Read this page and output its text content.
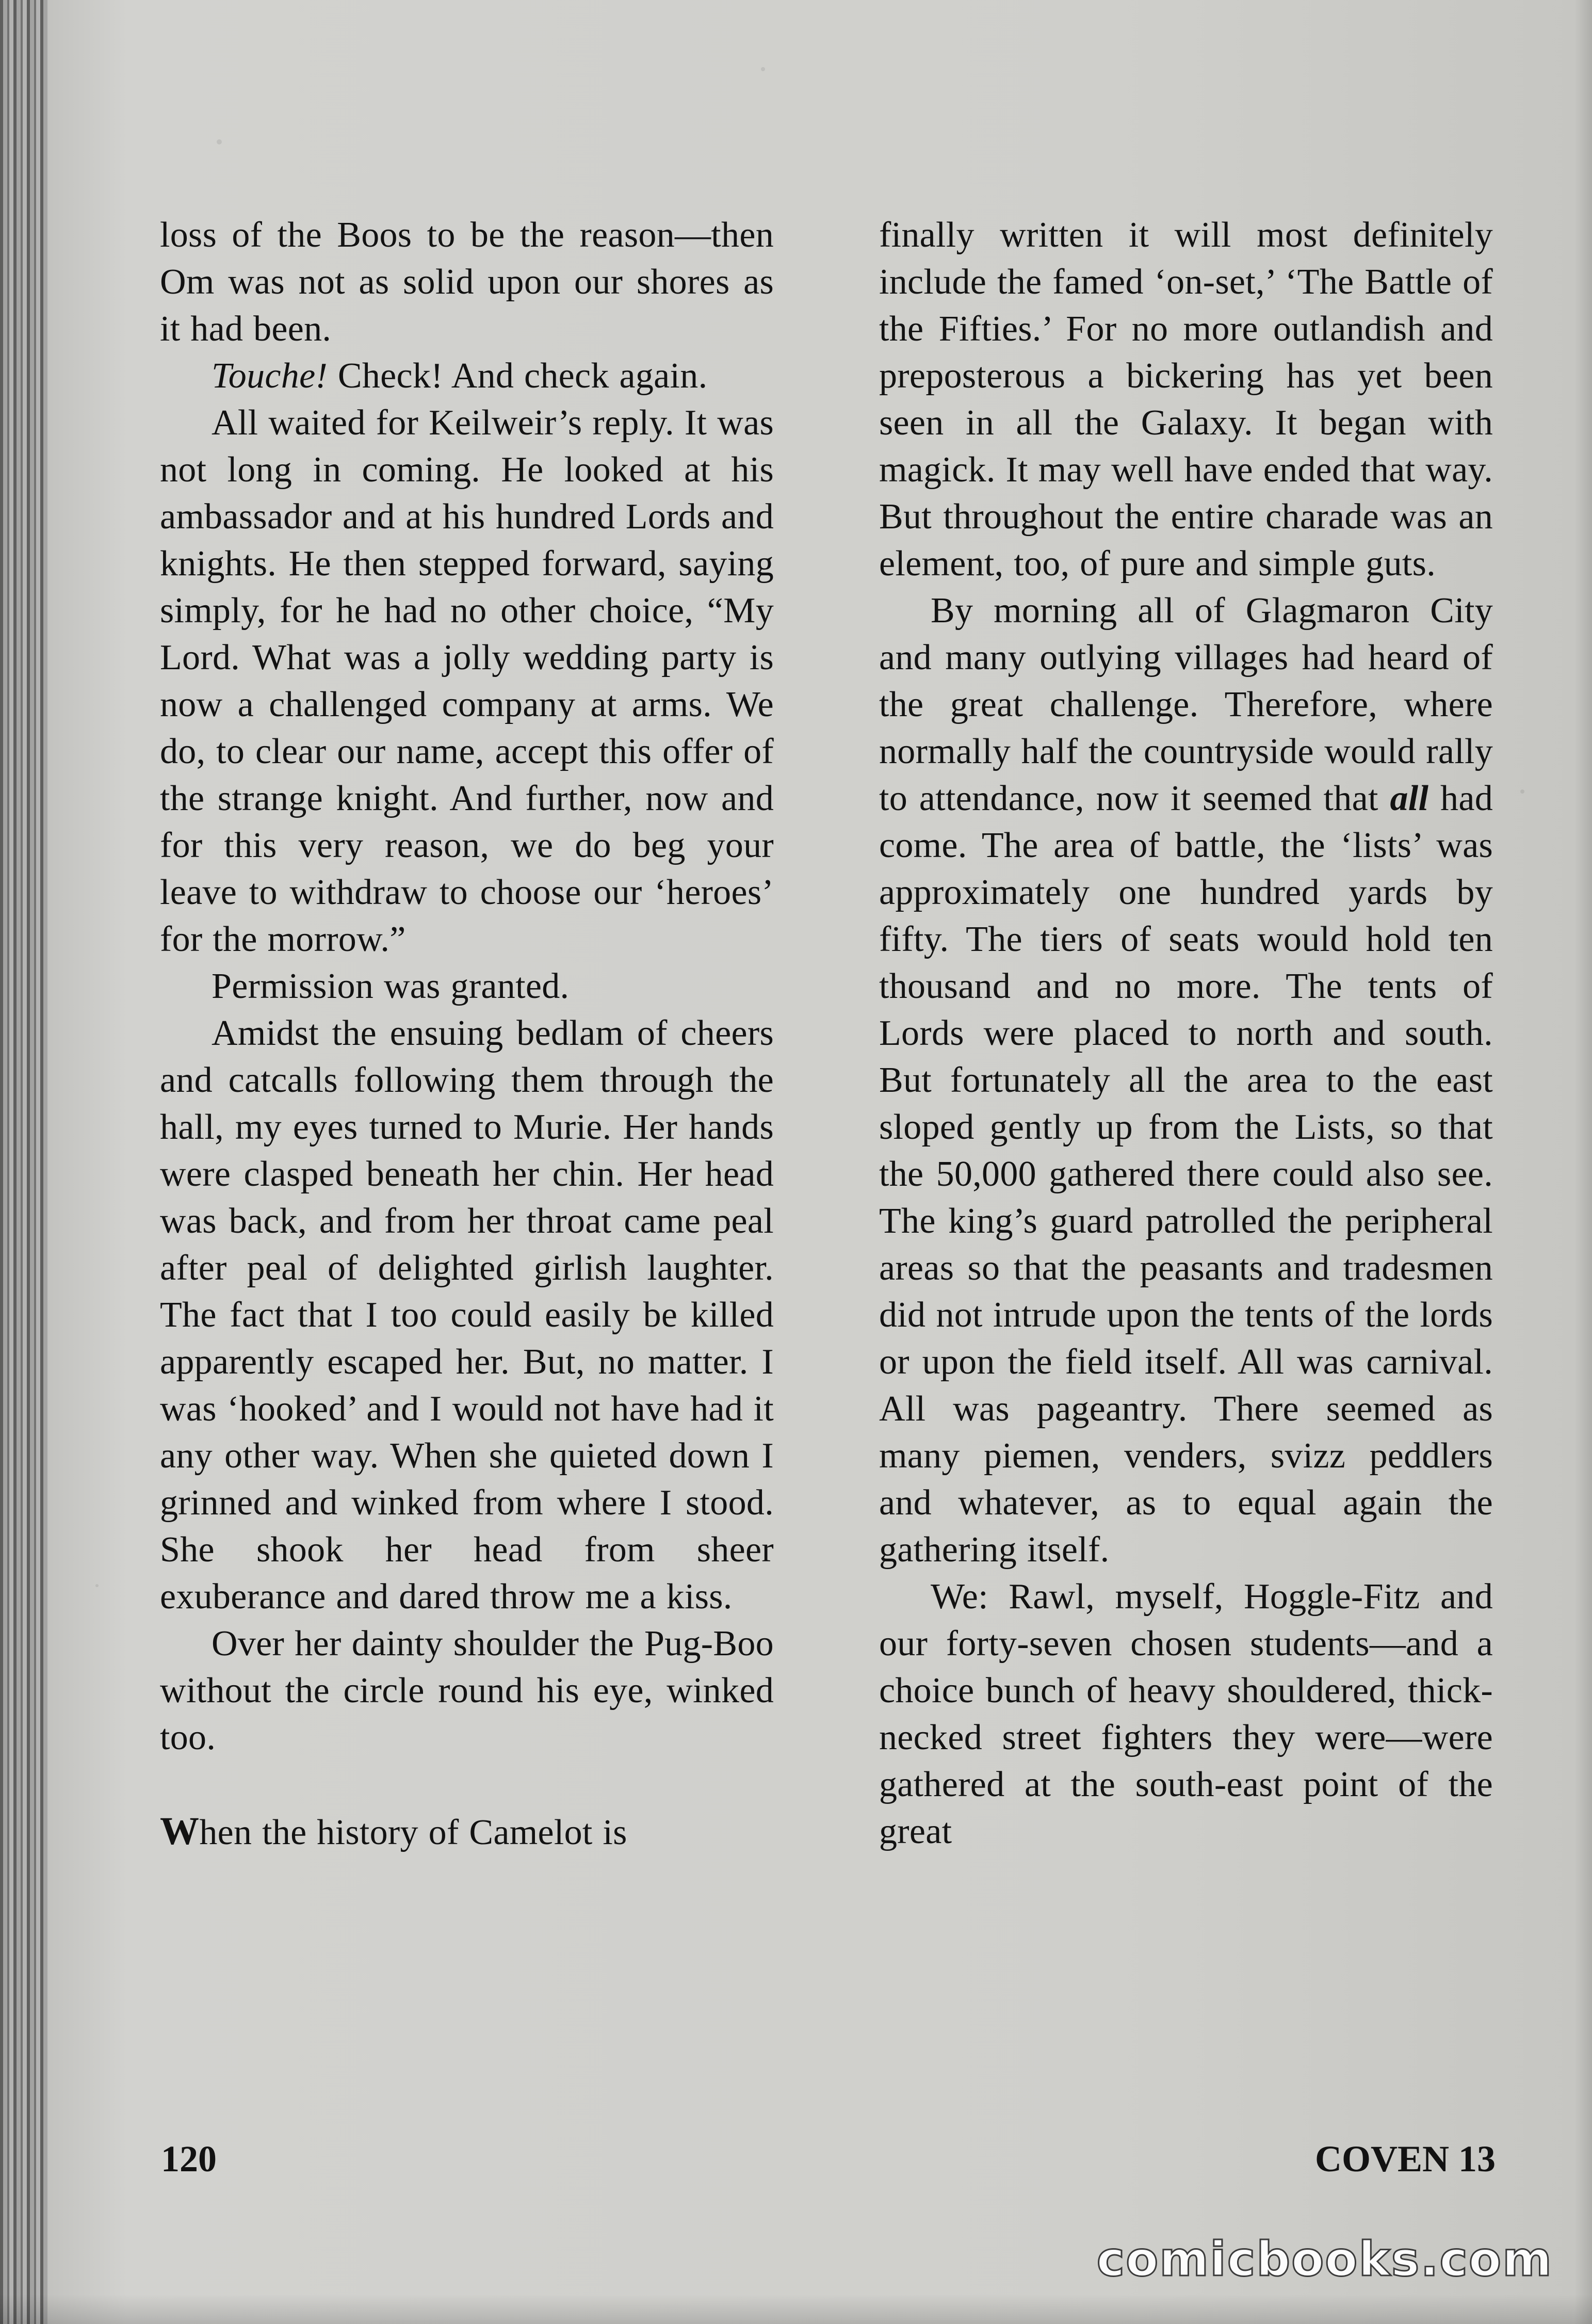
loss of the Boos to be the reason—then Om was not as solid upon our shores as it had been.

Touche! Check! And check again.

All waited for Keilweir’s reply. It was not long in coming. He looked at his ambassador and at his hundred Lords and knights. He then stepped forward, saying simply, for he had no other choice, “My Lord. What was a jolly wedding party is now a challenged company at arms. We do, to clear our name, accept this offer of the strange knight. And further, now and for this very reason, we do beg your leave to withdraw to choose our ‘heroes’ for the morrow.”

Permission was granted.

Amidst the ensuing bedlam of cheers and catcalls following them through the hall, my eyes turned to Murie. Her hands were clasped beneath her chin. Her head was back, and from her throat came peal after peal of delighted girlish laughter. The fact that I too could easily be killed apparently escaped her. But, no matter. I was ‘hooked’ and I would not have had it any other way. When she quieted down I grinned and winked from where I stood. She shook her head from sheer exuberance and dared throw me a kiss.

Over her dainty shoulder the Pug-Boo without the circle round his eye, winked too.

When the history of Camelot is

finally written it will most definitely include the famed ‘on-set,’ ‘The Battle of the Fifties.’ For no more outlandish and preposterous a bickering has yet been seen in all the Galaxy. It began with magick. It may well have ended that way. But throughout the entire charade was an element, too, of pure and simple guts.

By morning all of Glagmaron City and many outlying villages had heard of the great challenge. Therefore, where normally half the countryside would rally to attendance, now it seemed that all had come. The area of battle, the ‘lists’ was approximately one hundred yards by fifty. The tiers of seats would hold ten thousand and no more. The tents of Lords were placed to north and south. But fortunately all the area to the east sloped gently up from the Lists, so that the 50,000 gathered there could also see. The king’s guard patrolled the peripheral areas so that the peasants and tradesmen did not intrude upon the tents of the lords or upon the field itself. All was carnival. All was pageantry. There seemed as many piemen, venders, svizz peddlers and whatever, as to equal again the gathering itself.

We: Rawl, myself, Hoggle-Fitz and our forty-seven chosen students—and a choice bunch of heavy shouldered, thick-necked street fighters they were—were gathered at the south-east point of the great

120	COVEN 13
comicbooks.com
